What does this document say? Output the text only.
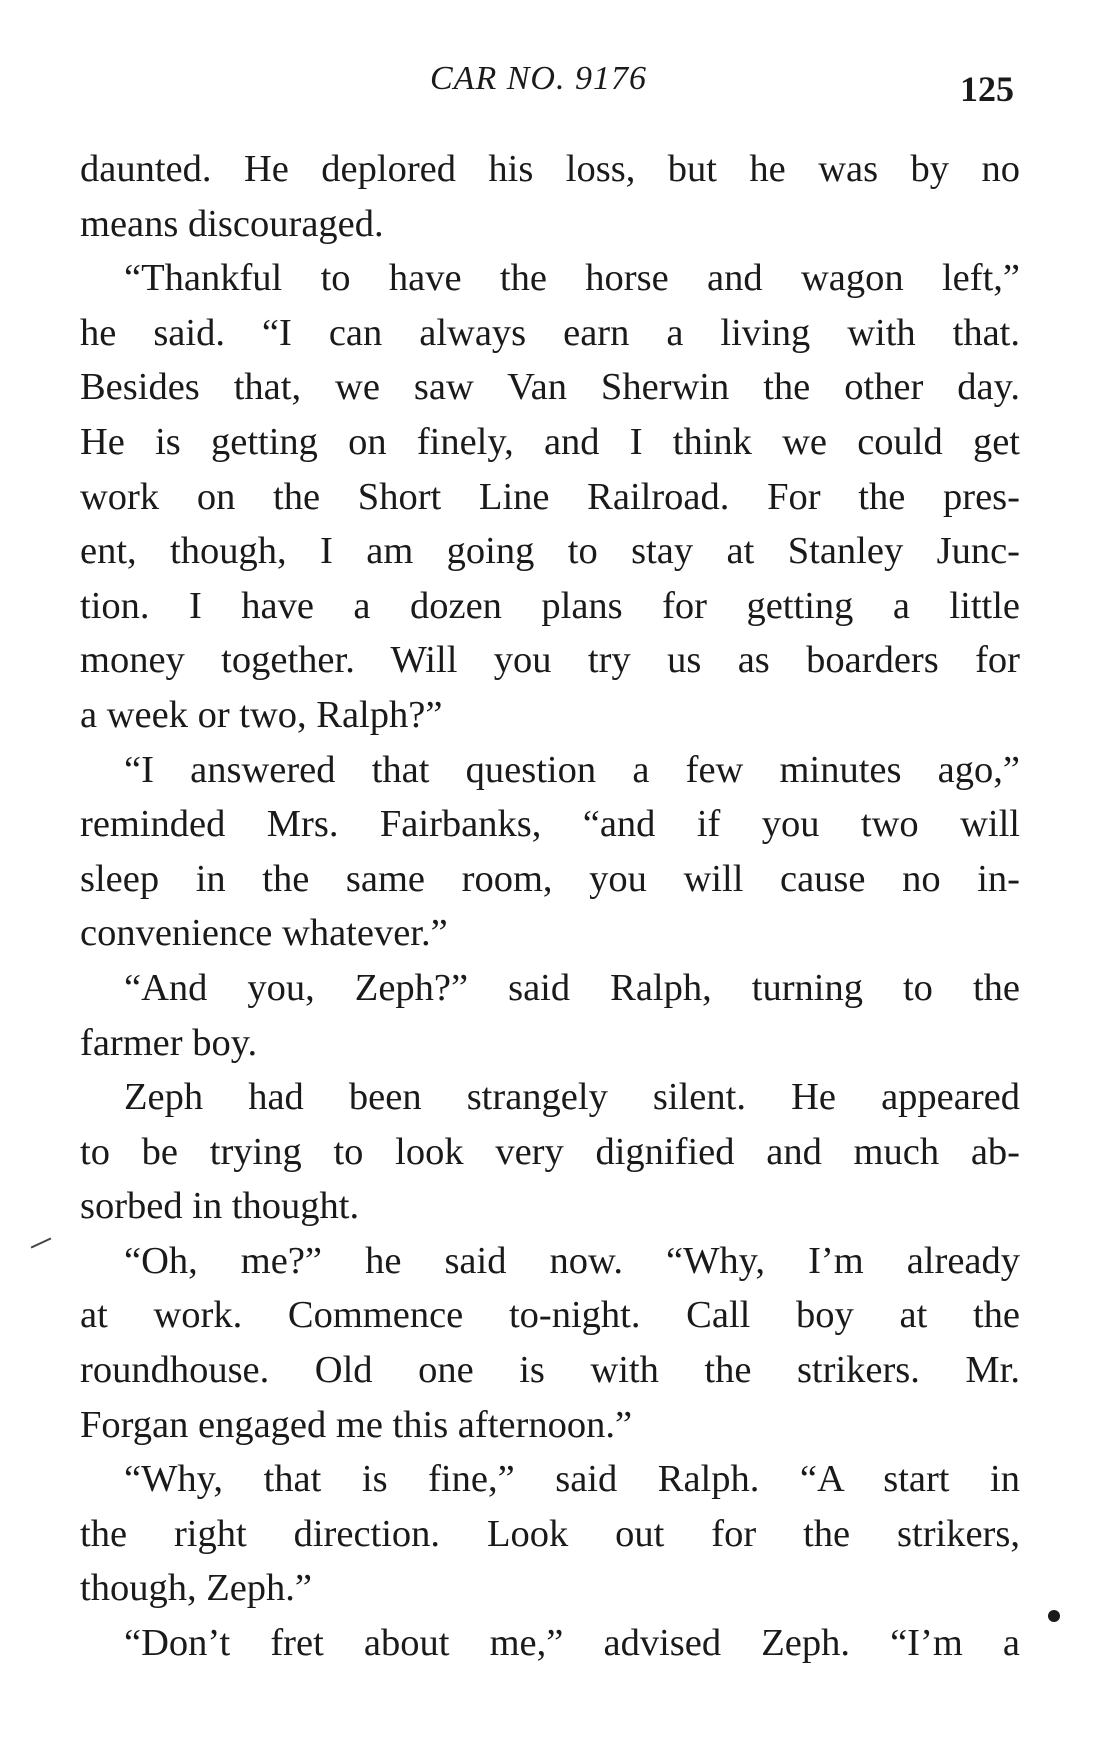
CAR NO. 9176	125
daunted. He deplored his loss, but he was by no
means discouraged.
“Thankful to have the horse and wagon left,”
he said. “I can always earn a living with that.
Besides that, we saw Van Sherwin the other day.
He is getting on finely, and I think we could get
work on the Short Line Railroad. For the pres-
ent, though, I am going to stay at Stanley Junc-
tion. I have a dozen plans for getting a little
money together. Will you try us as boarders for
a week or two, Ralph?”
“I answered that question a few minutes ago,”
reminded Mrs. Fairbanks, “and if you two will
sleep in the same room, you will cause no in-
convenience whatever.”
“And you, Zeph?” said Ralph, turning to the
farmer boy.
Zeph had been strangely silent. He appeared
to be trying to look very dignified and much ab-
sorbed in thought.
“Oh, me?” he said now. “Why, I’m already
at work. Commence to-night. Call boy at the
roundhouse. Old one is with the strikers. Mr.
Forgan engaged me this afternoon.”
“Why, that is fine,” said Ralph. “A start in
the right direction. Look out for the strikers,
though, Zeph.”
“Don’t fret about me,” advised Zeph. “I’m a
